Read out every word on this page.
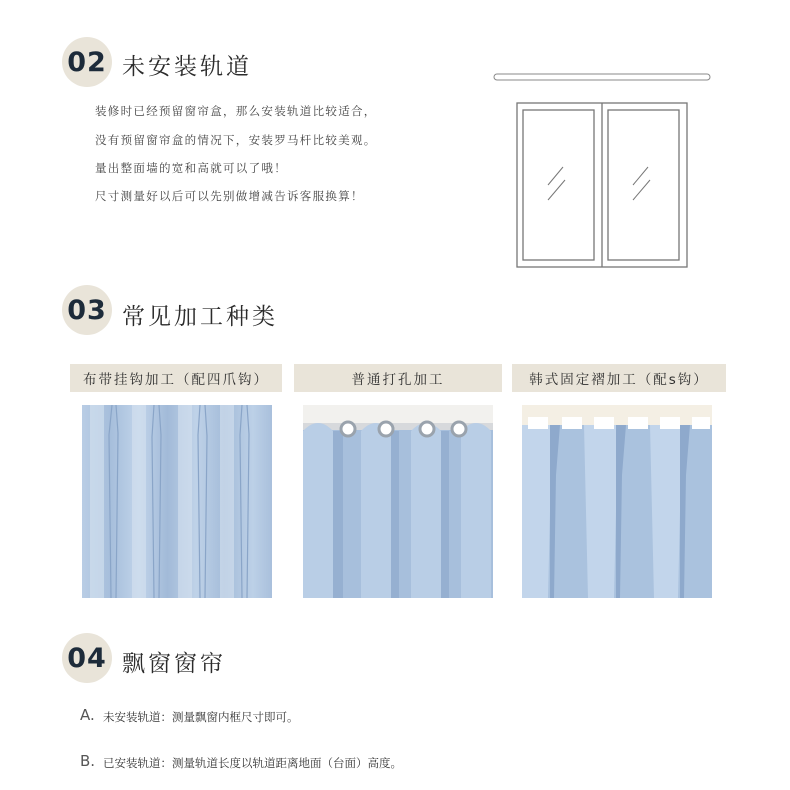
02 未安装轨道
装修时已经预留窗帘盒，那么安装轨道比较适合，
没有预留窗帘盒的情况下，安装罗马杆比较美观。
量出整面墙的宽和高就可以了哦！
尺寸测量好以后可以先别做增减告诉客服换算！
03 常见加工种类
布带挂钩加工（配四爪钩）	普通打孔加工	韩式固定褶加工（配s钩）
04 飘窗窗帘
A. 未安装轨道：测量飘窗内框尺寸即可。
B. 已安装轨道：测量轨道长度以轨道距离地面（台面）高度。
